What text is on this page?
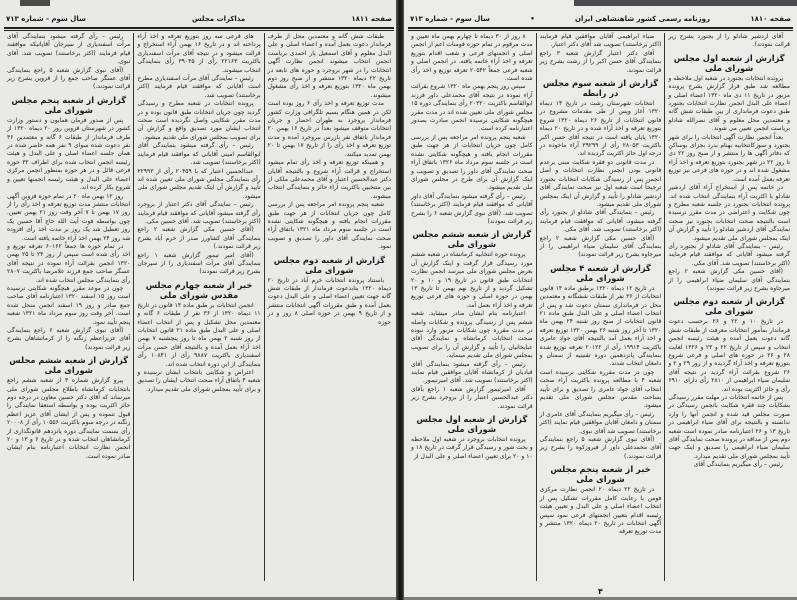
صفحه ۱۸۱۱
مذاکرات مجلس
سال سوم - شماره ۷۱۳

طبقات شش گانه و معتمدین محل از طرف فرماندار دعوت بعمل آمده و اعضاء اصلی و علی البدل معلوم و آقای اسمعیل پار احمدی بریاست انجمن انتخاب میشوند انجمن نظارت آگهی انتخابات را در شهر بروجرد و حوزه های تابعه در تاریخ ۲۲ دیماه ۱۳۲۰ منتشر و از صبح روز دوم بهمن ماه ۱۳۲۰ بتوزیع تعرفه و اخذ رأی مشغول میشوند.

مدت توزیع تعرفه و اخذ رأی ۶ روز بوده است لکن در همین هنگام بسیم تلگرافی وزارت کشور فرماندار بروجرد به طهران احضار و جریان انتخابات متوقف میشود بعداً در تاریخ ۱۶ بهمن ۲۰ فرماندار باتفاق نفر بازرس ببروجرد آمده و مدت توزیع تعرفه و اخذ رأی را از تاریخ ۱۷ بهمن تا ۲۰ بهمن تمدید میکنند.

و همینکه توزیع تعرفه و اخذ رأی تمام میشود استخراج و قرائت آراء شروع و بالنتیجه آقایان دکتر عبدالحسین اعتبار و آقای محمدعلی ملکی از بین منتخبین باکثریت آراء حائز و بنمایندگی انتخاب میشوند.

شعبه پنجم پرونده امر مراجعه پس از بررسی کامل چون جریان انتخابات از هر جهت طبق مقررات انجام یافته و هیچگونه شکایتی نشده است در جلسه سوم مرداد ماه ۱۳۲۱ باتفاق آراء صحت نمایندگی آقای داور را تصدیق و تصویب نمود.

گزارش از شعبه دوم مجلس شورای ملی

باستناد پرونده انتخابات خرم آباد در تاریخ ۲۰ دیماه ۱۳۲۰ بنابدعوت فرماندار از طبقات شش گانه جهت تعیین اعضاء اصلی و علی البدل دعوت بعمل آمده و طبق مقررات آگهی انتخابات منتشر و از تاریخ ۹ بهمن در حوزه اصلی ۸ روز و در حوزه

های فرعی سه روز بتوزیع تعرفه و اخذ آراء پرداخته اند و در تاریخ ۱۶ بهمن آراء استخراج و قرائت میشود و در نتیجه آقای مرآت اسفندیاری باکثریت ۲۲۱۶۳ رأی از ۳۹۰۴۵ رأی بنمایندگی انتخاب میشوند.

رئیس – نمایندگی آقای مرآت اسفندیاری مطرح است آقایانی که موافقند قیام فرمایند (اکثر برخاستند) تصویب شد.

پرونده انتخابات در شعبه مطرح و رسیدگی گردید چون جریان انتخابات طبق قانون بوده و در مدت مقرر شکایتی واصل نگردیده است صحت انتخاب ایشان مورد تصدیق واقع و گزارش آن برای تصویب بمجلس شورای ملی تقدیم میشود.

رئیس – رأی گرفته میشود بنمایندگی آقای ابوالقاسم امینی آقایانی که موافقند قیام فرمایند (اکثر برخاستند) تصویب شد.

عبدالحسین اعتبار که با ۲۰۴۵۹ رأی از ۳۲۹۹۳ رأی بنمایندگی مجلس شورای ملی تعیین شده اند تأیید و گزارش آن اینک تقدیم مجلس شورای ملی میشود.

رئیس – نمایندگی آقای دکتر اعتبار از بروجرد رأی گرفته میشود آقایانی که موافقند قیام فرمایند (اکثر برخاستند) تصویب شد. آقای حسین مکی.

(آقای حسین مکی گزارش شعبه ۲ راجع بنمایندگی آقای کشاورز صدر از خرم آباد بشرح زیر قرائت نمودند.)

(آقای امیر تیمور گزارش شعبه ۱ راجع بنمایندگی آقای مرآت اسفندیاری را از سیرجان بشرح زیر قرائت نمودند)

خبر از شعبه چهارم مجلس مقدس شورای ملی

انجمن انتخابات بر طبق ماده ۱۴ قانون در تاریخ ۱۱ دیماه ۱۳۲۰ از ۳۶ نفر از طبقات ۶ گانه و معتمدین محل تشکیل و پس از انتخاب اعضاء اصلی و علی البدل طبق ماده ۲۱ قانون انتخابات از روز شنبه ۲ بهمن ماه تا روز پنجشنبه ۷ بهمن اخذ آراء بعمل آمده و بالنتیجه آقای حسن مرآت اسفندیاری باکثریت ۹۸۸۷ رأی از ۱۰۸۴۱ رأی بنمایندگی از این دوره انتخاب شده اند.

اعتراض و شکایتی بانتخاب ایشان نرسیده و شعبه ۴ باتفاق آراء صحت انتخاب ایشان را تصدیق و برای تأیید بمجلس شورای ملی تقدیم میدارد.

رئیس – رأی گرفته میشود بنمایندگی آقای مرآت اسفندیاری از سیرجان آقایانیکه موافقند قیام فرمایند (اکثر برخاستند) تصویب شد. آقای نبوی.

(آقای نبوی گزارش شعبه ۵ راجع بنمایندگی آقای عسگر صاحب جمع را از قزوین بشرح زیر قرائت نمودند.)

گزارش از شعبه پنجم مجلس شورای ملی

پس از صدور فرمان همایون و دستور وزارت کشور در شهرستان قزوین روز ۲۰ دیماه ۱۳۲۰ از طرف فرماندار از طبقات ۶ گانه و معتمدین ۳۶ نفر دعوت شده سوای ۹ نفر همه حاضر شده در همان جلسه اعضاء اصلی و علی البدل و هیئت رئیسه انجمن انتخاب شده برای اطراف ۳۲ حوزه فرعی قائل و در هر حوزه بمنظور انجمن مرکزی اعضاء علی البدل و هیئت رئیسه انجمنها تعیین و شروع بکار کرده اند.

روز ۱۲ بهمن ماه ۲۰ در تمام حوزه قزوین آگهی انتخابات منتشر مدت توزیع تعرفه و اخذ رأی را از روز ۱۷ بهمن تا ۷ آخر وقت روز ۲۱ بهمن تعیین. چون بواسطه فوت آیت الله حاج آقا حسین یک روز تعطیل شد یک روز بر مدت اخذ رأی افزوده شد روز ۲۴ بهمن اخذ آراء خاتمه یافته است.

در تمام حوزه ها جمعاً ۶۰۱۶۲ تعرفه توزیع و اخذ رأی شده است سپس از روز ۲۴ تا ۲۵ بهمن ۱۳۲۰ انجمن بقرائت آراء نموده در نتیجه آقای عسگر صاحب جمع فرزند غلامرضا باکثریت ۲۸۰۷ رأی بنمایندگی مجلس انتخاب شده اند.

چون در موعد مقرر هیچگونه شکایتی نرسیده است روز ۱۵ اسفند ۱۳۲۰ اعتبارنامه آقای صاحب جمع صادر و روز ۱۹ اسفند انجمن منحل شده است. آخر وقت روز سوم مرداد ماه ۱۳۲۱ شعبه پنجم تأیید نمود.

(آقای نبوی گزارش شعبه ۶ راجع بنمایندگی آقای عزیزاعظم زنگنه را از کرمانشاهان بشرح زیر قرائت نمودند)

گزارش از شعبه ششم مجلس شورای ملی

پیرو گزارش شماره ۳ از شعبه ششم راجع بانتخابات کرمانشاه باطلاع مجلس شورای ملی میرساند که آقای دکتر حسین معاون در درجه دوم حائز اکثریت بوده و بواسطه استعفا نمایندگی را قبول ننموده و پس از ایشان آقای عزیز اعظم زنگنه در درجه سوم باکثریت ۱۰۵۵۶ رأی از ۲۰۰۰۸ رأی بسمت نمایندگی دوره پانزدهم قانونگذاری از کرمانشاهان انتخاب شده و در تاریخ ۶ و ۱۳ و ۲۰ انجمن نظارت انتخابات اعتبارنامه بنام ایشان صادر نموده است.

صفحه ۱۸۱۰
روزنامه رسمی کشور شاهنشاهی ایران
•
سال سوم - شماره ۷۱۳

آقای اردشیر شادلو را از بجنورد بشرح زیر قرائت نمودند).

گزارش از شعبه اول مجلس شورای ملی

پرونده انتخابات بجنورد در شعبه اول ملاحظه و مطالعه شد طبق قرار گزارش بشرح پرونده مزبور در تاریخ ۱۱ دی ماه ۱۳۲۰ اعضاء اصلی و اعضاء علی البدل انجمن نظارت انتخابات بجنورد طبق دعوت فرمانداری از بین طبقات شش گانه و معتمدین محل معلوم و آقای نصرالله شادلو بریاست انجمن تعیین می شوند.

بعداً انجمن نظارت آگهی انتخابات را برای شهر بجنورد و سوزکانتخابیه بهنام بدرد بجزای بوساکن که دفاتر آگهی ها را منتشر و از صبح روز ۲۲ دی تا روز ۲۲ در شهر بجنورد بتوزیع تعرفه و اخذ آراء مشغول شده اند و در حوزه های فرعی نیز توزیع تعرفه بعمل آمده است.

در خاتمه پس از استخراج آراء آقای اردشیر شادلو با اکثریت آراء بنمایندگی انتخاب شده اند. پرونده انتخابات بجنورد در جلسه شعبه مطرح و چون شکایت و اعتراضی در مدت مقرر نرسیده است بالنتیجه صحت انتخابات بجنورد نیز صحت نمایندگی آقای اردشیر شادلو را تأیید و گزارش آن اینک بمجلس شورای ملی تقدیم میشود.

رئیس – بنمایندگی آقای شادلو از بجنورد رأی گرفته میشود آقایانی که موافقند قیام فرمایند (اکثر برخاستند) تصویب شد. آقای مکی.

(آقای حسین مکی گزارش شعبه ۲ راجع بنمایندگی آقای سلیمان ضیاء ابراهیمی را از میرجاوه بشرح زیر قرائت نمودند)

گزارش از شعبه دوم مجلس شورای ملی

در تاریخ ۱۰ و ۲۲ و ۲۶ برحسب دعوت فرماندار بمأمور انتخابات معرفت از طبقات شش گانه دعوت بعمل آمده و هیئت رئیسه انجمن انتخاب و سپس از تاریخ ۲۲ و ۲۳ و ۱۳۲۶ لغایت ۲۸ و ۲۶ در حوزه های اصلی و فرعی شروع بتوزیع تعرفه و اخذ آراء گردیده و از روز ۲۹ و ۲ و ۲۶ شروع بقرائت آراء گردید در نتیجه آقای سلیمان ضیاء ابراهیمی از ۲۸۱۰ رأی دارای ۶۹۱۰ رأی و حائز اکثریت بوده اند.

پس از خاتمه انتخابات در مهلت مقرر رسیدگی بشکایات چند فقره شکایت بانجمن رسیدگی در صورت مجلس قید شده و انجمن آنها را وارد ندانسته و بالنتیجه برای آقای ضیاء ابراهیمی در تاریخ ۱۳ و ۲۶ اعتبارنامه صادر نموده است شعبه دوم پس از مداقه در پرونده صحت نمایندگی آقای سلیمان ضیاء ابراهیمی را تصدیق و اینک جهت تأیید بمجلس شورای ملی تقدیم میدارد.

رئیس – رأی میگیریم بنمایندگی آقای

ضیاء ابراهیمی آقایان موافقین قیام فرمایند (اکثر برخاستند) تصویب شد آقای دکتر اعتبار.

آقای دکتر اعتبار گزارش شعبه ۳ راجع بنمایندگی آقای حسن اکبر را از رشت بشرح زیر قرائت نمودند.

گزارش از شعبه سوم مجلس در رابطه

انتخابات شهرستان رشت در تاریخ ۱۴ دیماه ۱۳۲۰ آغاز وپس از طی مقدمات مشروع در قانون انتخابات از تاریخ ۲۶ دیماه ۱۳۲۰ شروع بتوزیع تعرفه و اخذ آراء شده و در تاریخ ۲۰ دیماه ۱۳۲۰ پایان یافته است در نتیجه آقای حسن اکبر باکثریت ۲۸۰۵۳ رأی از ۳۹۲۹۹ آراء ماخوذه در درجه اول حائز اکثریت گردیده اند.

در مدت قانونی دو فقره شکایت مبنی برعدم قانونی بودن انجمن نظارت انتخابات و اصل انجمن پس از رسیدگی شکایات انتخابات بجنورد ترجیحاً است شعبه اول نیز صحت نمایندگی آقای اردشیر شادلو را تأیید و گزارش آن اینک بمجلس شورای ملی تقدیم میشود.

رئیس – بنمایندگی آقای شادلو از بجنورد رأی گرفته میشود، آقایانی که موافقت قیام فرمایند (اکثر برخاستند) تصویب شد. آقای مکی.

(آقای حسین مکی گزارش شعبه ۲ راجع بنمایندگی آقای سلیمان ضیاء ابراهیمی را از میرجاوه بشرح زیر قرائت نمودند)

گزارش از شعبه ۴ مجلس شورای ملی

در تاریخ ۱۲ دیماه ۱۳۲۰ برطبق ماده ۱۴ قانون انتخابات از ۳۶ نفر از طبقات ششگانه و معتمدین محل در فرمانداری سمنان دعوت شد و پس از انتخاب اعضاء اصلی و علی البدل طبق ماده ۲۱ قانون انتخابات از صبح روز شنبه ۲۴ بهمن ماه ۱۳۲۰ تا آخر روز شنبه ۲۶ بهمن ۱۳۲۰ توزیع تعرفه و اخذ آراء بعمل آمد بالنتیجه آقای جواد عامری باکثریت ۱۹۹۱۴ رأی از ۲۰۱۲۲ تعرفه توزیع شده بنمایندگی پانزدهمین دوره تقنینیه از سمنان و دامغان انتخاب شدند.

چون در مدت مقرره شکایتی نرسیده است شعبه ۴ با مطالعه پرونده باکثریت آراء صحت انتخاب آقای جواد عامری را تصدیق و برای تأیید بساحت مقدس مجلس شورای ملی تقدیم میشود.

رئیس – رأی میگیریم بنمایندگی آقای عامری از سمنان و دامغان آقایان موافقین قیام نمایند (اکثر برخاستند) تصویب شد آقای نبوی.

(آقای نبوی گزارش شعبه ۵ راجع بنمایندگی آقای محمدعلی داور از فیروزکوه را بشرح زیر قرائت نمودند.)

خبر از شعبه پنجم مجلس شورای ملی

در تاریخ ۲۲ دیماه ۲۰ انجمن نظارت مرکزی فومن با رعایت کامل مقررات تشکیل پس از انتخاب اعضاء اصلی و علی البدل و تعیین هیئت رئیسه اقدام بتعیین انجمنهای فرعی نمود سپس آگهی انتخابات در تاریخ ۲۰ دیماه ۱۳۲۰ منتشر و مدت توزیع تعرفه

۸ روز از ۳۰ دیماه تا چهارم بهمن ماه تعیین و مدت مرقوم در تمام حوزه فومنات اعم از انجمن اصلی و انجمنهای فرعی و شعب اقدام بتوزیع تعرفه و اخذ آراء خاتمه یافته. در انجمن اصلی و شعبه فرعی جمعاً ۲۰۵۴۲ تعرفه توزیع و اخذ رأی شده است.

سپس روز پنجم بهمن ماه ۱۳۲۰ شروع بقرائت آراء نموده در نتیجه آقای محمدعلی داور فرزند ابوالقاسم باکثریت ۲۰۳۲۰ رأی بنمایندگی دوره ۱۵ مجلس شورای ملی تعیین شده اند در مدت مقرر هیچگونه شکایتی نرسیده انجمن مبادرت بصدور اعتبارنامه کرده است.

شعبه پنجم پرونده امر مراجعه پس از بررسی کامل چون جریان انتخابات از هر جهت طبق مقررات انجام یافته و هیچگونه شکایتی نشده است در جلسه سوم مرداد ماه ۱۳۲۶ باتفاق آراء صحت نمایندگی آقای داور را تصدیق و تصویب و اینک گزارش آن برای طرح در مجلس شورای ملی تقدیم میشود.

رئیس – رأی گرفته میشود بنمایندگی آقای داور آقایانی که موافقند قیام فرمایند (اکثر برخاستند) تصویب شد. (آقای نبوی گزارش شعبه ۶ را بشرح زیر قرائت نمودند)

گزارش از شعبه ششم مجلس شورای ملی

پرونده حوزه انتخابیه کرمانشاه در شعبه ششم مورد رسیدگی قرار گرفت و اینک گزارش آن بعرض مجلس شورای ملی میرسد انجمن نظارت انتخابات طبق قانون در تاریخ ۱۹ و ۱۰ و ۲۰ تشکیل گردید و از تاریخ نهم بهمن تا تاریخ ۱۳ بهمن در حوزه اصلی و حوزه های فرعی توزیع تعرفه و اخذ آراء بعمل آمد.

اعتبارنامه بنام ایشان صادر میشاید. شعبه ششم پس از رسیدگی پرونده و شکایات واصله در مدت مقرره چون شکایات مزبور وارد نبوده صحت انتخابات کرمانشاه و نمایندگی آقای عبایخانیان را تأیید و گزارش آن را برای تصویب بمجلس شورای ملی تقدیم مینماید.

رئیس – رأی گرفته میشود بنمایندگی آقای قبادیان از کرمانشاه آقایان موافقین قیام نمایند (اکثر برخاستند) تصویب شد. آقای امیرتیمور.

آقای امیرتیمور گزارش شعبه ۱ راجع بآقای دکتر عبدالحسین اعتبار را از بروجرد بشرح زیر قرائت نمودند.

گزارش از شعبه اول مجلس شورای ملی

پرونده انتخابات بروجرد در شعبه اول ملاحظه و بحث شور و رسیدگی قرار گرفت در تاریخ ۱۸ و ۱۰ و ۲۰ برای تعیین اعضاء اصلی و علی البدل از

۴
